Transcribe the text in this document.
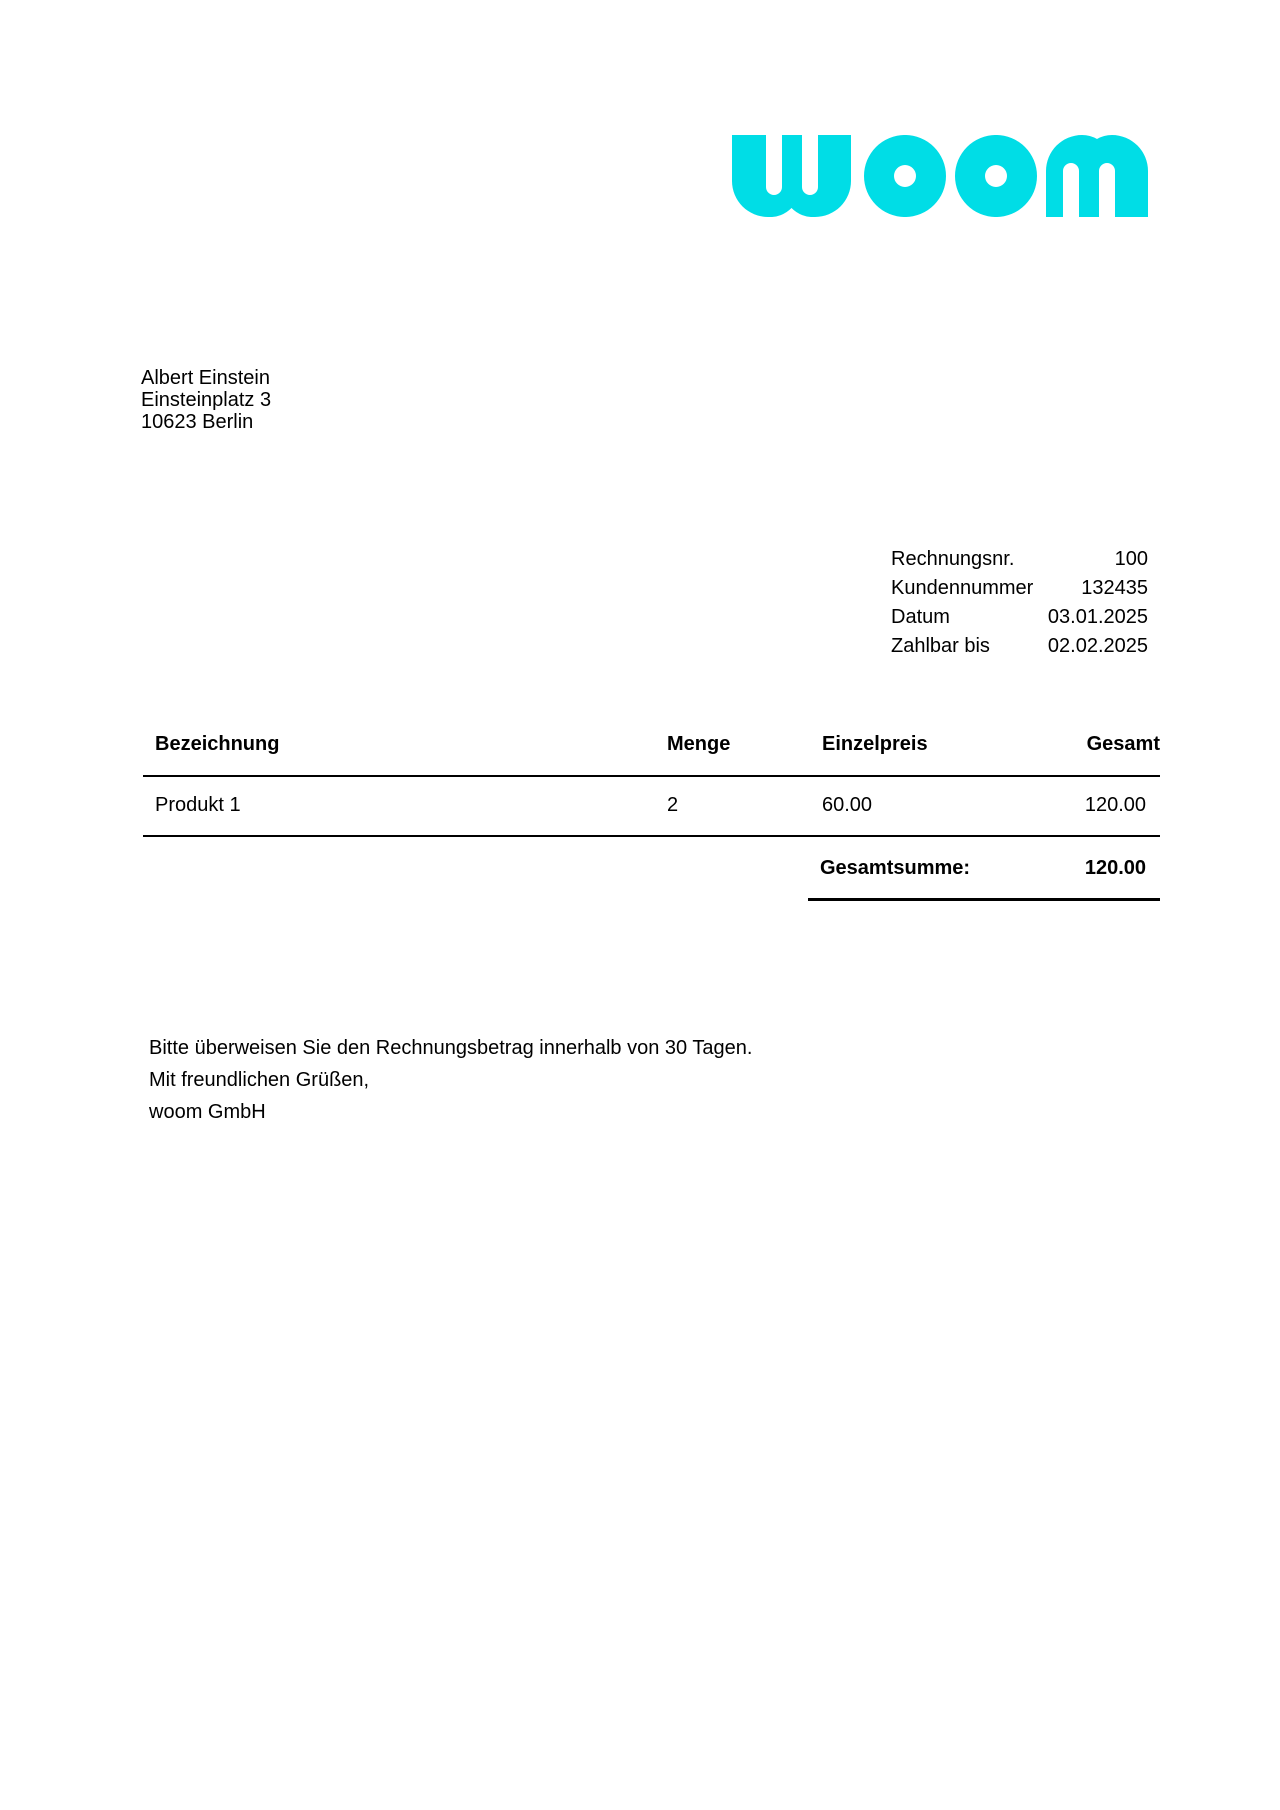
Albert Einstein
Einsteinplatz 3
10623 Berlin
Rechnungsnr.	100
Kundennummer 132435
Datum	03.01.2025
Zahlbar bis	02.02.2025
Bezeichnung	Menge	Einzelpreis	Gesamt
Produkt 1	2	60.00	120.00
Gesamtsumme:	120.00
Bitte überweisen Sie den Rechnungsbetrag innerhalb von 30 Tagen.
Mit freundlichen Grüßen,
woom GmbH
